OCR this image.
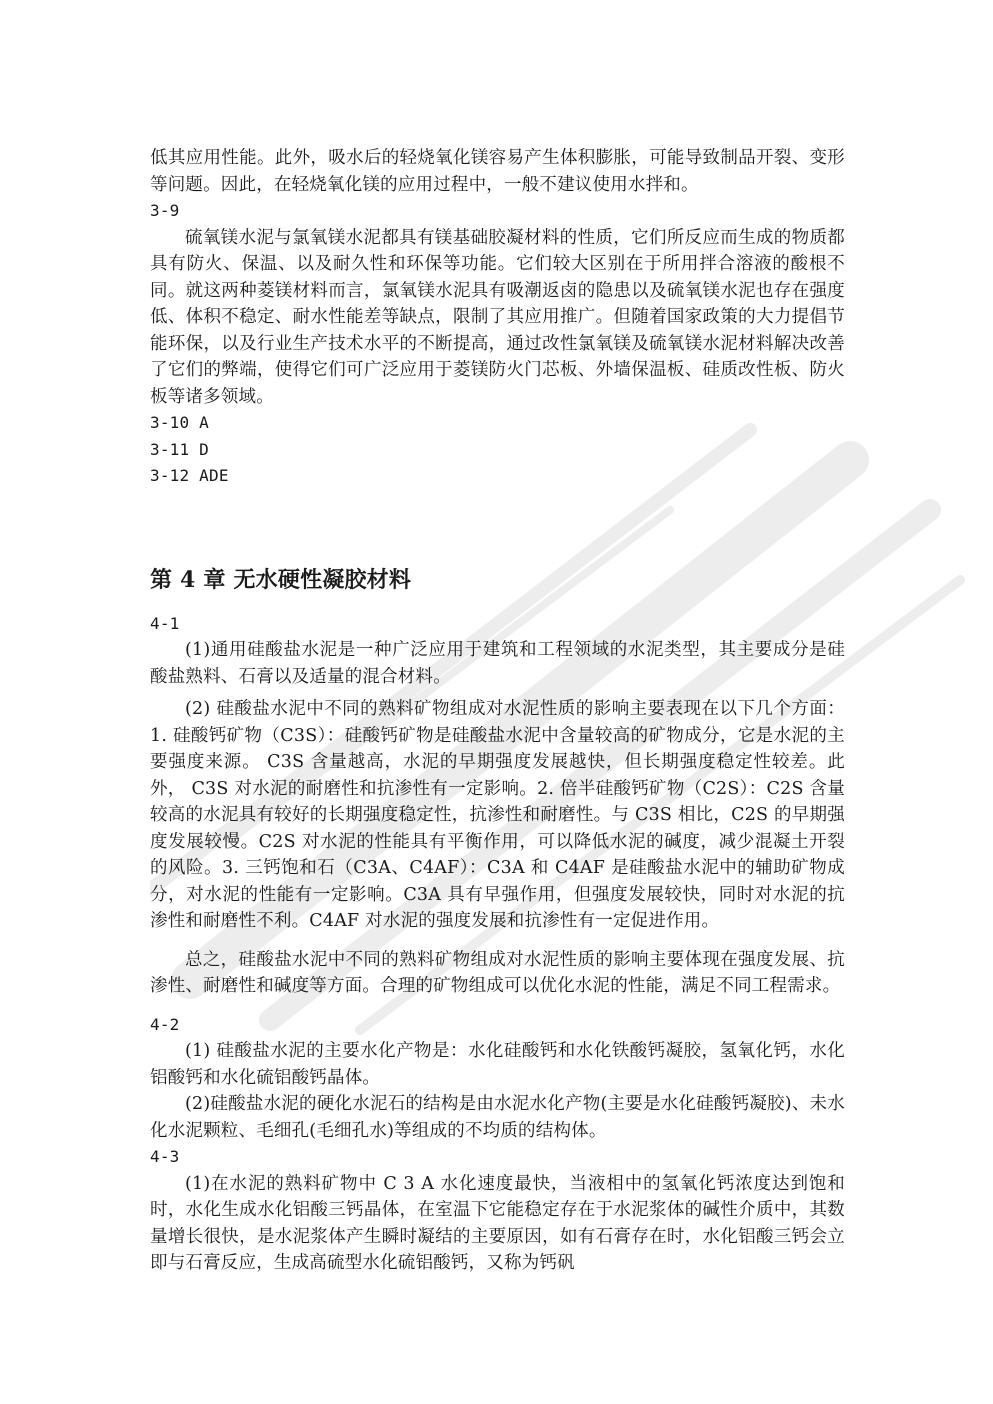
低其应用性能。此外，吸水后的轻烧氧化镁容易产生体积膨胀，可能导致制品开裂、变形等问题。因此，在轻烧氧化镁的应用过程中，一般不建议使用水拌和。

3-9

硫氧镁水泥与氯氧镁水泥都具有镁基础胶凝材料的性质，它们所反应而生成的物质都具有防火、保温、以及耐久性和环保等功能。它们较大区别在于所用拌合溶液的酸根不同。就这两种菱镁材料而言，氯氧镁水泥具有吸潮返卤的隐患以及硫氧镁水泥也存在强度低、体积不稳定、耐水性能差等缺点，限制了其应用推广。但随着国家政策的大力提倡节能环保，以及行业生产技术水平的不断提高，通过改性氯氧镁及硫氧镁水泥材料解决改善了它们的弊端，使得它们可广泛应用于菱镁防火门芯板、外墙保温板、硅质改性板、防火板等诸多领域。

3-10 A

3-11 D

3-12 ADE

第 4 章 无水硬性凝胶材料

4-1

(1)通用硅酸盐水泥是一种广泛应用于建筑和工程领域的水泥类型，其主要成分是硅酸盐熟料、石膏以及适量的混合材料。

(2) 硅酸盐水泥中不同的熟料矿物组成对水泥性质的影响主要表现在以下几个方面：1. 硅酸钙矿物（C3S）：硅酸钙矿物是硅酸盐水泥中含量较高的矿物成分，它是水泥的主要强度来源。 C3S 含量越高，水泥的早期强度发展越快，但长期强度稳定性较差。此外， C3S 对水泥的耐磨性和抗渗性有一定影响。2. 倍半硅酸钙矿物（C2S）：C2S 含量较高的水泥具有较好的长期强度稳定性，抗渗性和耐磨性。与 C3S 相比，C2S 的早期强度发展较慢。C2S 对水泥的性能具有平衡作用，可以降低水泥的碱度，减少混凝土开裂的风险。3. 三钙饱和石（C3A、C4AF）：C3A 和 C4AF 是硅酸盐水泥中的辅助矿物成分，对水泥的性能有一定影响。C3A 具有早强作用，但强度发展较快，同时对水泥的抗渗性和耐磨性不利。C4AF 对水泥的强度发展和抗渗性有一定促进作用。

总之，硅酸盐水泥中不同的熟料矿物组成对水泥性质的影响主要体现在强度发展、抗渗性、耐磨性和碱度等方面。合理的矿物组成可以优化水泥的性能，满足不同工程需求。

4-2

(1) 硅酸盐水泥的主要水化产物是：水化硅酸钙和水化铁酸钙凝胶，氢氧化钙，水化铝酸钙和水化硫铝酸钙晶体。

(2)硅酸盐水泥的硬化水泥石的结构是由水泥水化产物(主要是水化硅酸钙凝胶)、未水化水泥颗粒、毛细孔(毛细孔水)等组成的不均质的结构体。

4-3

(1)在水泥的熟料矿物中 C 3 A 水化速度最快，当液相中的氢氧化钙浓度达到饱和时，水化生成水化铝酸三钙晶体，在室温下它能稳定存在于水泥浆体的碱性介质中，其数量增长很快，是水泥浆体产生瞬时凝结的主要原因，如有石膏存在时，水化铝酸三钙会立即与石膏反应，生成高硫型水化硫铝酸钙，又称为钙矾
